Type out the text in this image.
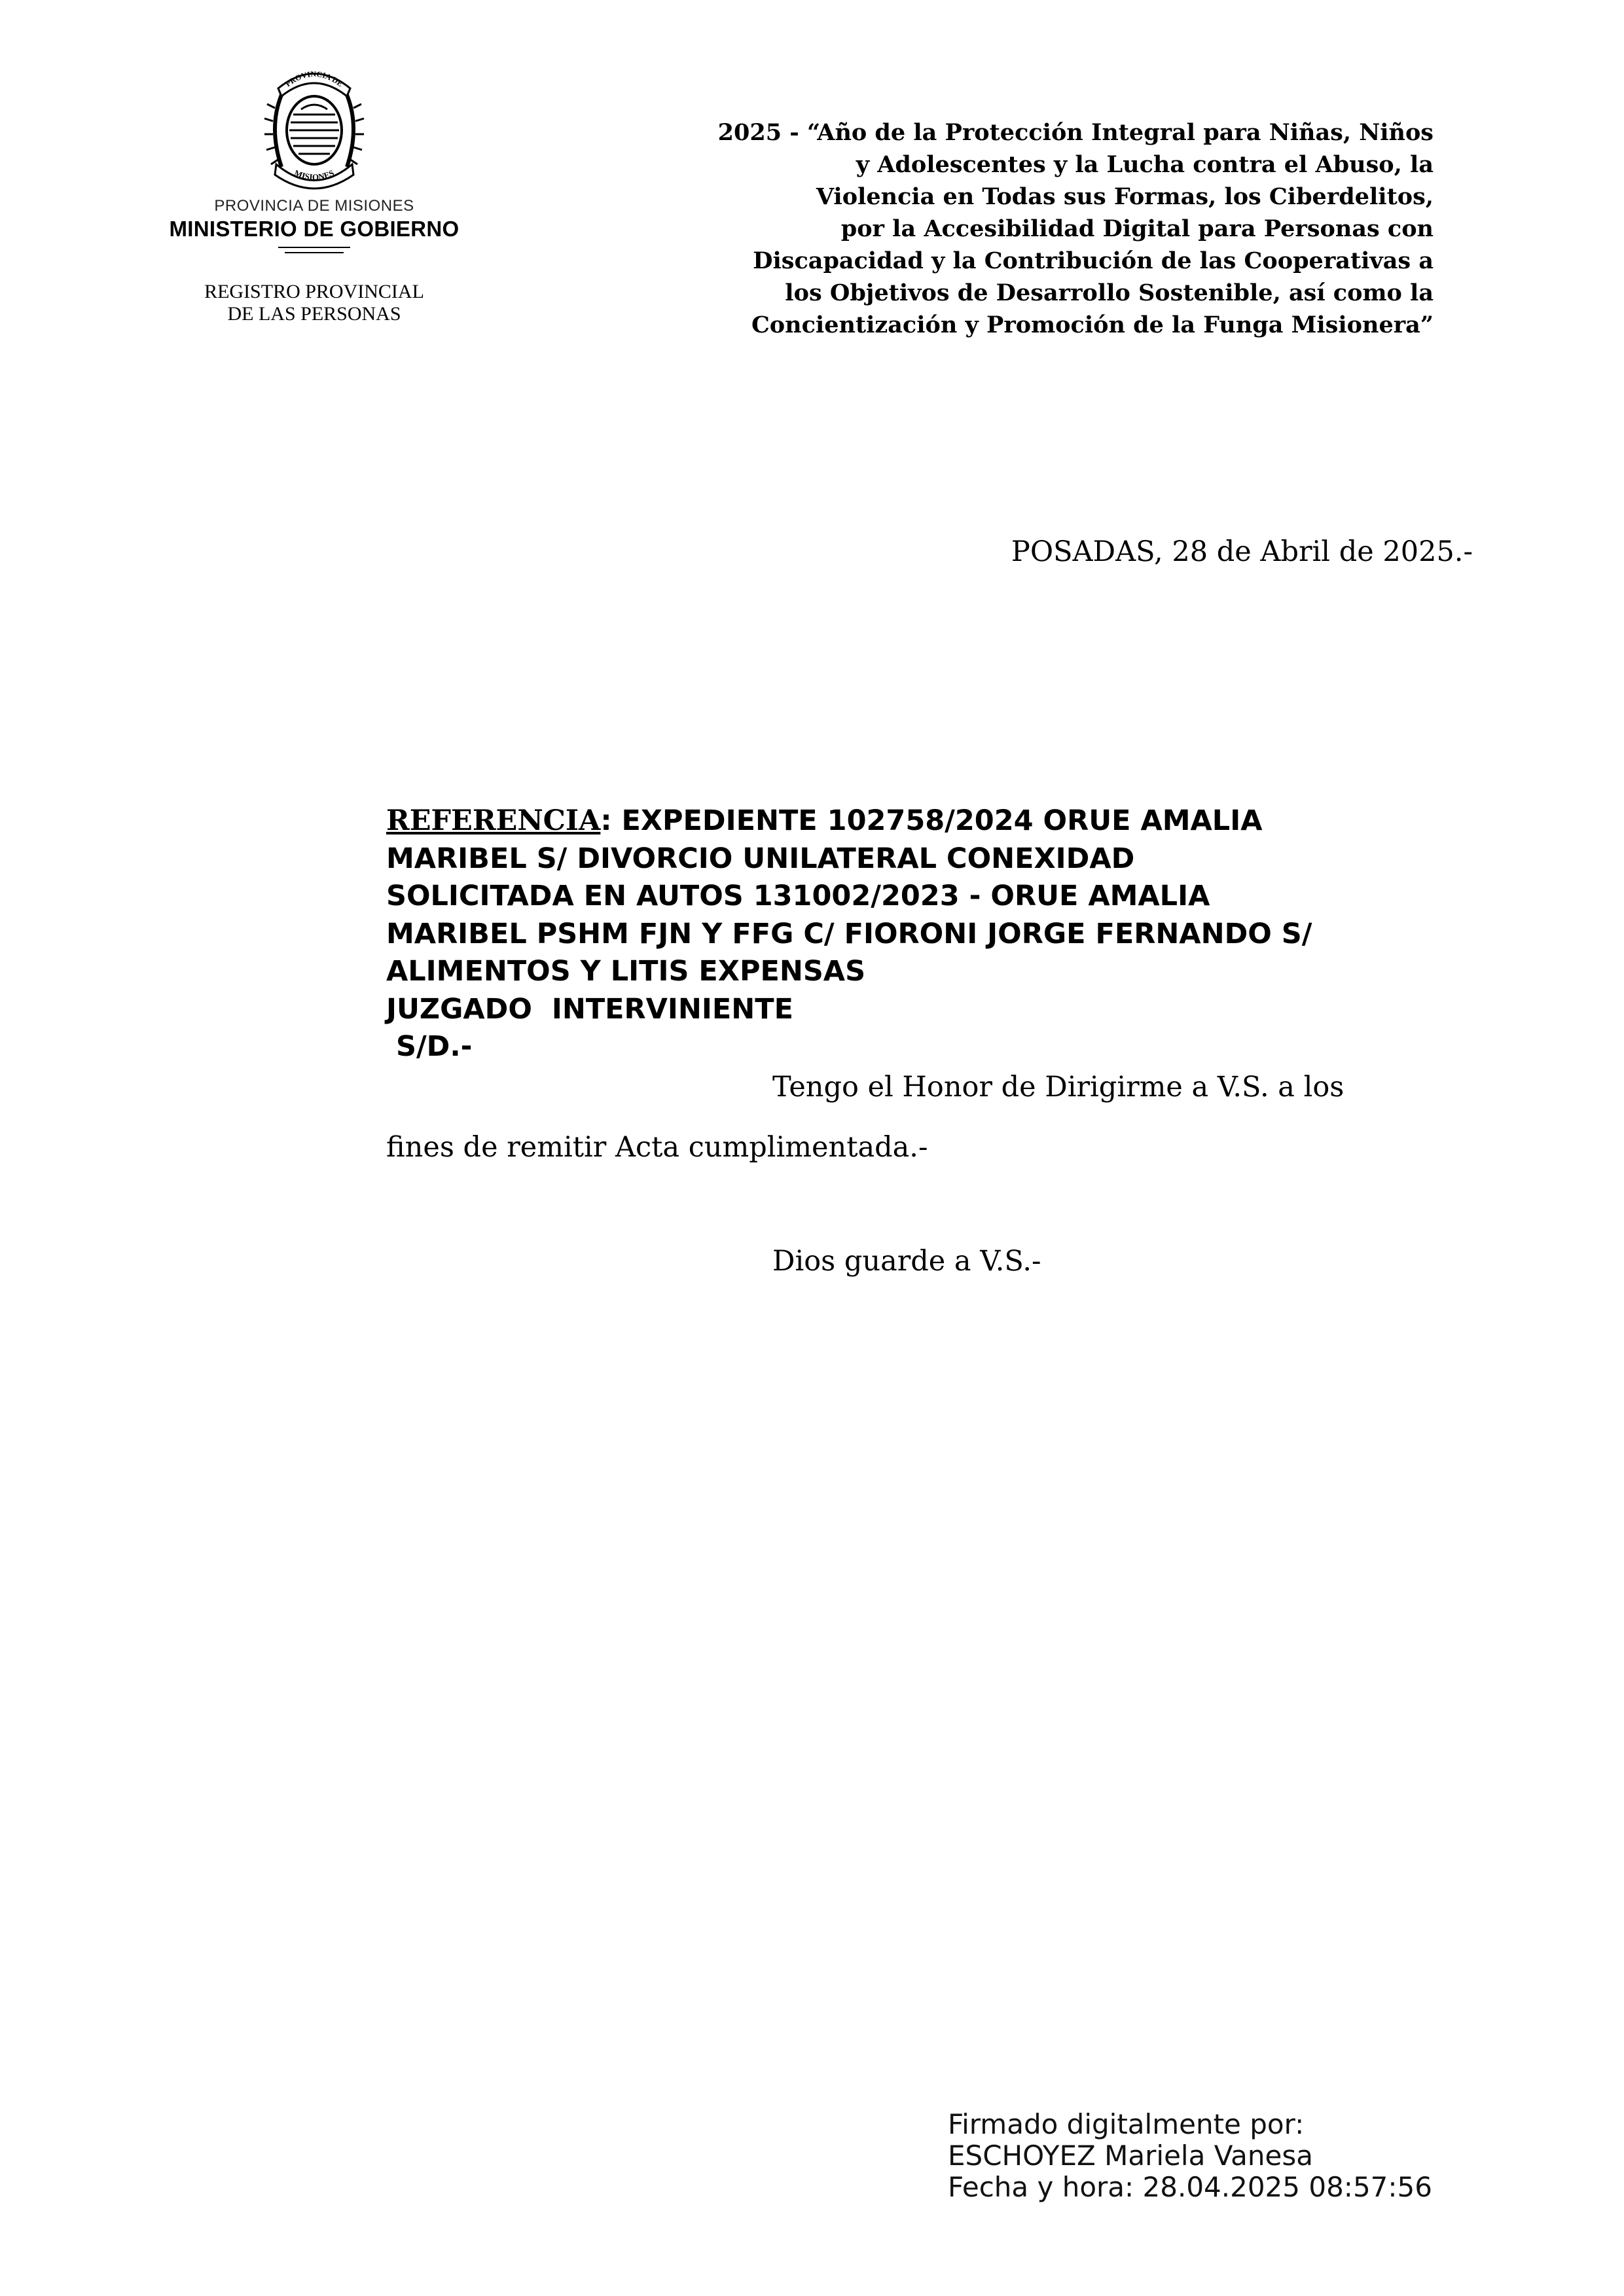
PROVINCIA DE
MISIONES
PROVINCIA DE MISIONES
MINISTERIO DE GOBIERNO
REGISTRO PROVINCIAL
DE LAS PERSONAS
2025 - “Año de la Protección Integral para Niñas, Niños
y Adolescentes y la Lucha contra el Abuso, la
Violencia en Todas sus Formas, los Ciberdelitos,
por la Accesibilidad Digital para Personas con
Discapacidad y la Contribución de las Cooperativas a
los Objetivos de Desarrollo Sostenible, así como la
Concientización y Promoción de la Funga Misionera”
POSADAS, 28 de Abril de 2025.-
REFERENCIA: EXPEDIENTE 102758/2024 ORUE AMALIA
MARIBEL S/ DIVORCIO UNILATERAL CONEXIDAD
SOLICITADA EN AUTOS 131002/2023 - ORUE AMALIA
MARIBEL PSHM FJN Y FFG C/ FIORONI JORGE FERNANDO S/
ALIMENTOS Y LITIS EXPENSAS
JUZGADO  INTERVINIENTE
S/D.-
Tengo el Honor de Dirigirme a V.S. a los
fines de remitir Acta cumplimentada.-
Dios guarde a V.S.-
Firmado digitalmente por:
ESCHOYEZ Mariela Vanesa
Fecha y hora: 28.04.2025 08:57:56
